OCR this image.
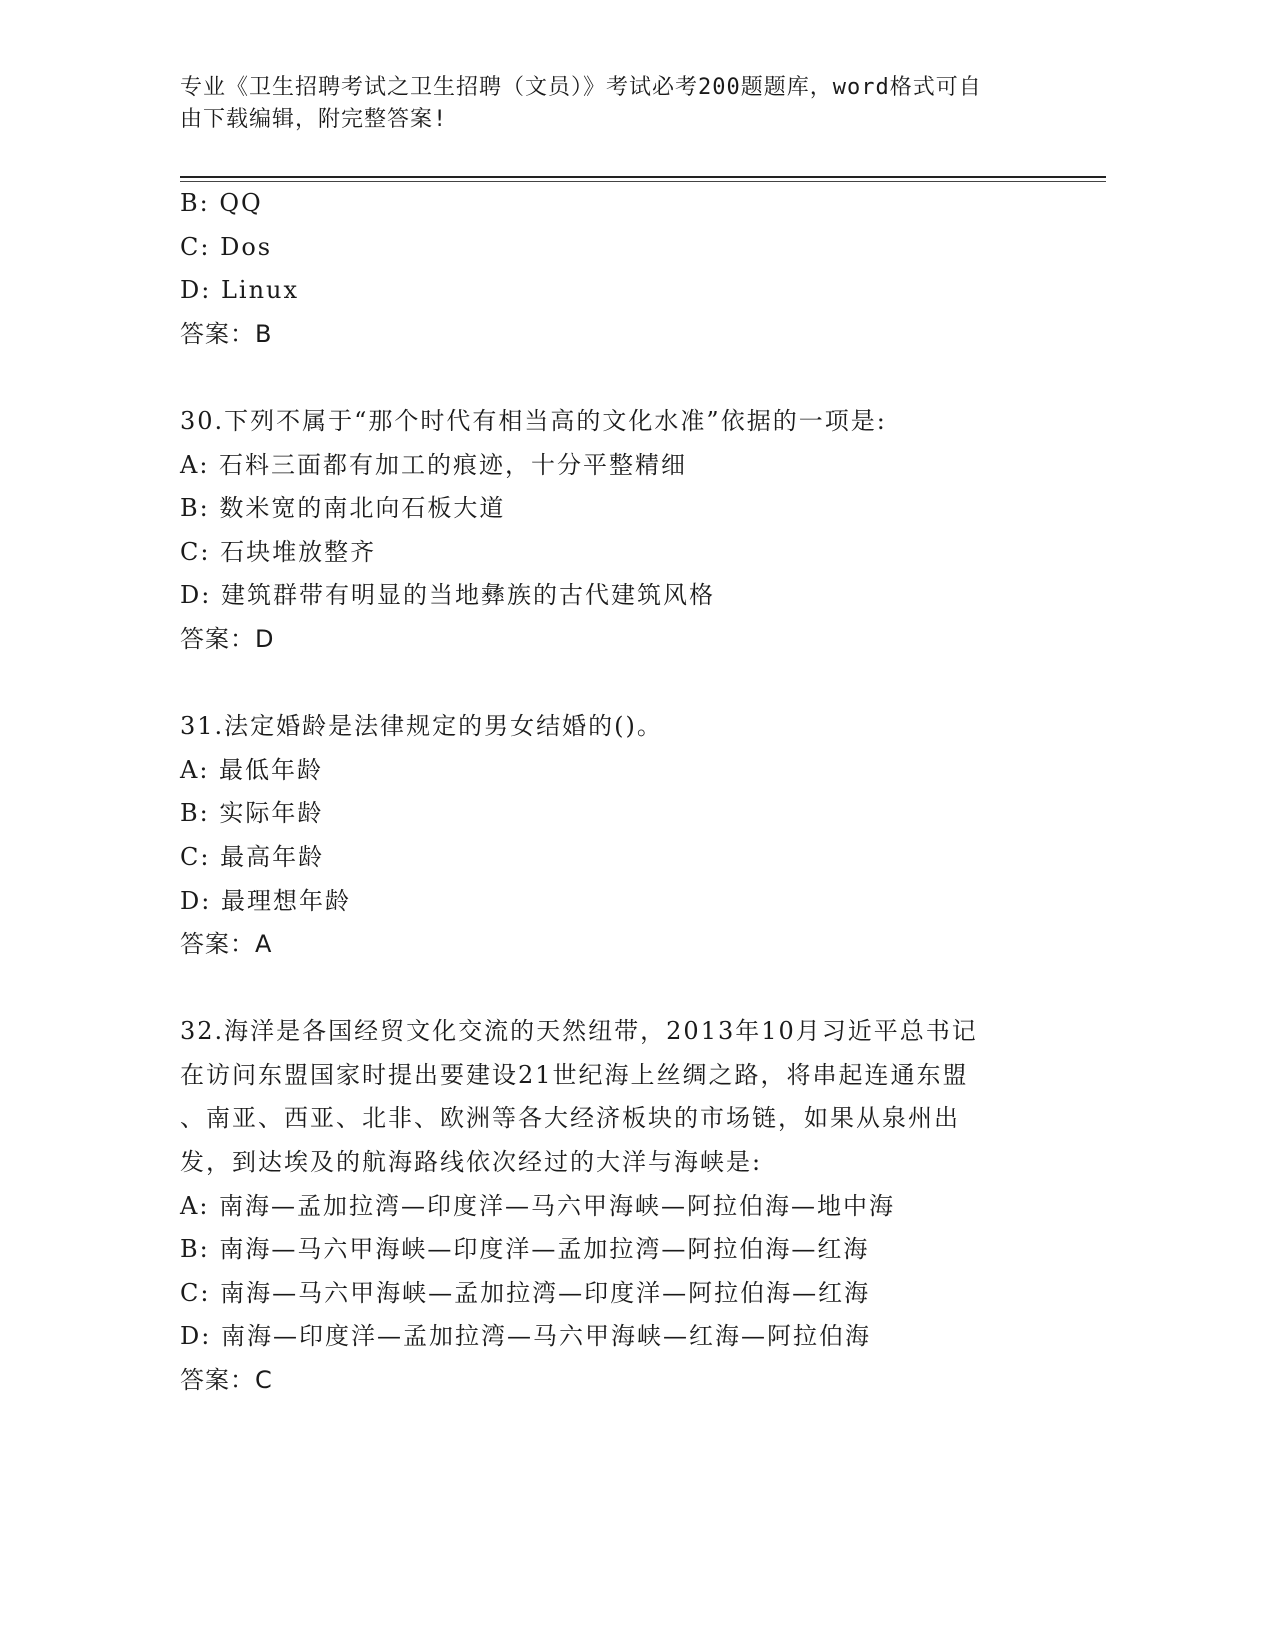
专业《卫生招聘考试之卫生招聘（文员）》考试必考200题题库，word格式可自
由下载编辑，附完整答案!
B: QQ
C: Dos
D: Linux
答案：B
30.下列不属于“那个时代有相当高的文化水准”依据的一项是:
A: 石料三面都有加工的痕迹，十分平整精细
B: 数米宽的南北向石板大道
C: 石块堆放整齐
D: 建筑群带有明显的当地彝族的古代建筑风格
答案：D
31.法定婚龄是法律规定的男女结婚的()。
A: 最低年龄
B: 实际年龄
C: 最高年龄
D: 最理想年龄
答案：A
32.海洋是各国经贸文化交流的天然纽带，2013年10月习近平总书记
在访问东盟国家时提出要建设21世纪海上丝绸之路，将串起连通东盟
、南亚、西亚、北非、欧洲等各大经济板块的市场链，如果从泉州出
发，到达埃及的航海路线依次经过的大洋与海峡是:
A: 南海—孟加拉湾—印度洋—马六甲海峡—阿拉伯海—地中海
B: 南海—马六甲海峡—印度洋—孟加拉湾—阿拉伯海—红海
C: 南海—马六甲海峡—孟加拉湾—印度洋—阿拉伯海—红海
D: 南海—印度洋—孟加拉湾—马六甲海峡—红海—阿拉伯海
答案：C
